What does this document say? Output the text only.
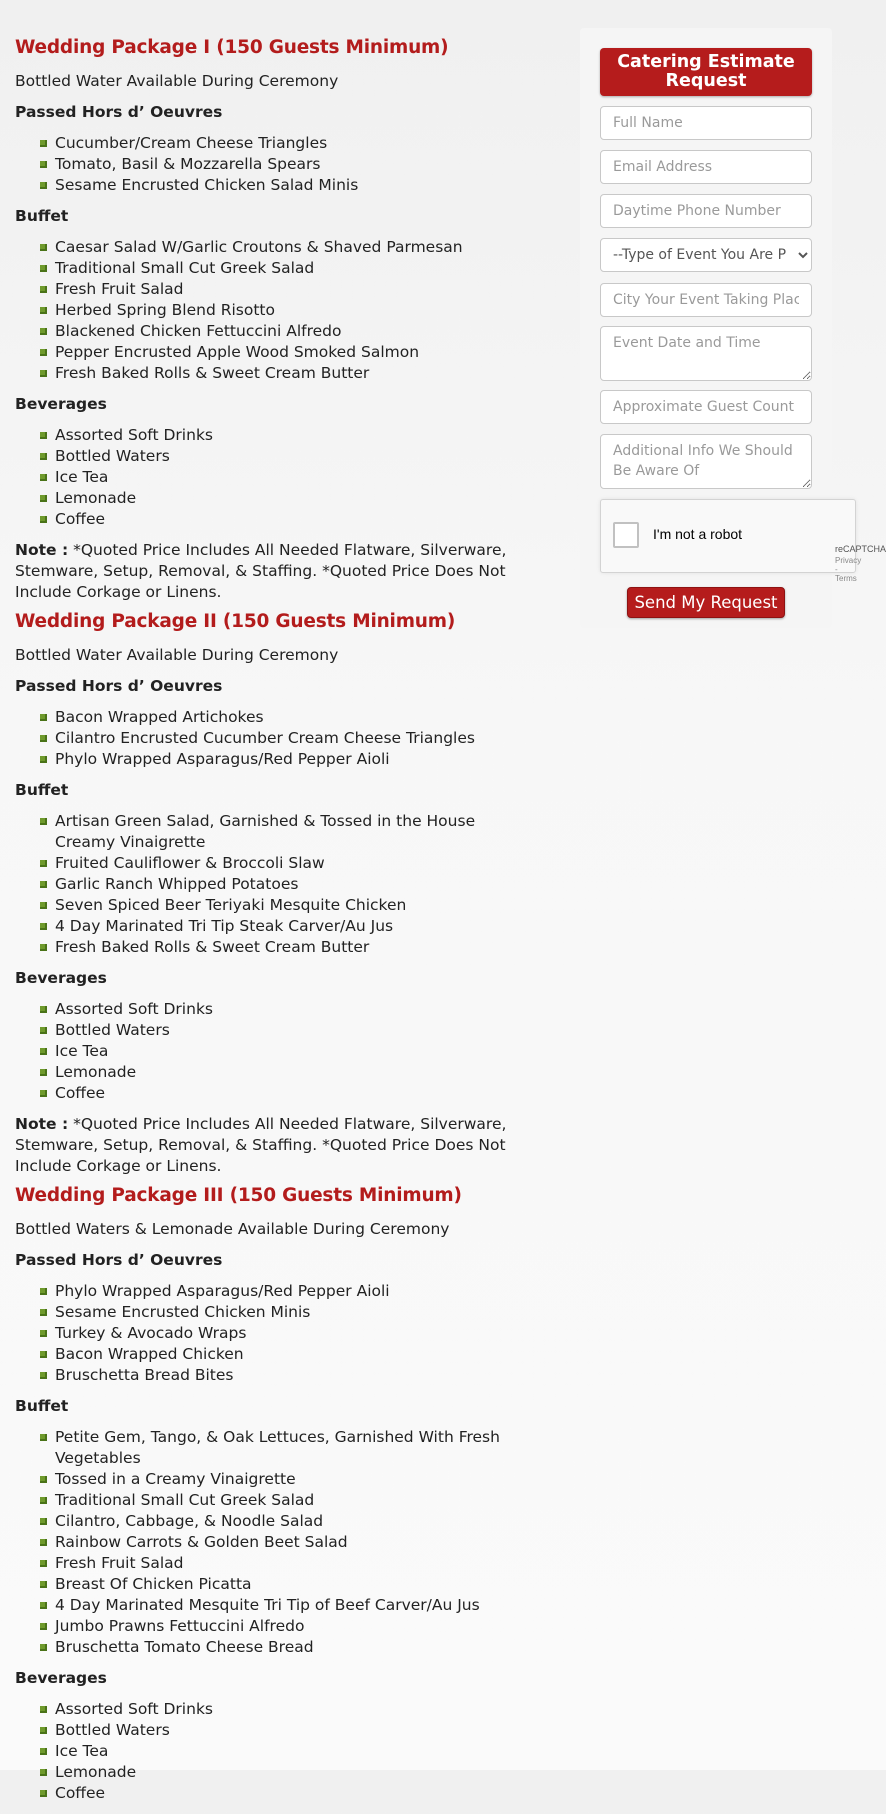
Wedding Package I (150 Guests Minimum)
Bottled Water Available During Ceremony
Passed Hors d’ Oeuvres
Cucumber/Cream Cheese Triangles
Tomato, Basil & Mozzarella Spears
Sesame Encrusted Chicken Salad Minis
Buffet
Caesar Salad W/Garlic Croutons & Shaved Parmesan
Traditional Small Cut Greek Salad
Fresh Fruit Salad
Herbed Spring Blend Risotto
Blackened Chicken Fettuccini Alfredo
Pepper Encrusted Apple Wood Smoked Salmon
Fresh Baked Rolls & Sweet Cream Butter
Beverages
Assorted Soft Drinks
Bottled Waters
Ice Tea
Lemonade
Coffee
Note : *Quoted Price Includes All Needed Flatware, Silverware, Stemware, Setup, Removal, & Staffing. *Quoted Price Does Not Include Corkage or Linens.
Wedding Package II (150 Guests Minimum)
Bottled Water Available During Ceremony
Passed Hors d’ Oeuvres
Bacon Wrapped Artichokes
Cilantro Encrusted Cucumber Cream Cheese Triangles
Phylo Wrapped Asparagus/Red Pepper Aioli
Buffet
Artisan Green Salad, Garnished & Tossed in the House Creamy Vinaigrette
Fruited Cauliflower & Broccoli Slaw
Garlic Ranch Whipped Potatoes
Seven Spiced Beer Teriyaki Mesquite Chicken
4 Day Marinated Tri Tip Steak Carver/Au Jus
Fresh Baked Rolls & Sweet Cream Butter
Beverages
Assorted Soft Drinks
Bottled Waters
Ice Tea
Lemonade
Coffee
Note : *Quoted Price Includes All Needed Flatware, Silverware, Stemware, Setup, Removal, & Staffing. *Quoted Price Does Not Include Corkage or Linens.
Wedding Package III (150 Guests Minimum)
Bottled Waters & Lemonade Available During Ceremony
Passed Hors d’ Oeuvres
Phylo Wrapped Asparagus/Red Pepper Aioli
Sesame Encrusted Chicken Minis
Turkey & Avocado Wraps
Bacon Wrapped Chicken
Bruschetta Bread Bites
Buffet
Petite Gem, Tango, & Oak Lettuces, Garnished With Fresh Vegetables
Tossed in a Creamy Vinaigrette
Traditional Small Cut Greek Salad
Cilantro, Cabbage, & Noodle Salad
Rainbow Carrots & Golden Beet Salad
Fresh Fruit Salad
Breast Of Chicken Picatta
4 Day Marinated Mesquite Tri Tip of Beef Carver/Au Jus
Jumbo Prawns Fettuccini Alfredo
Bruschetta Tomato Cheese Bread
Beverages
Assorted Soft Drinks
Bottled Waters
Ice Tea
Lemonade
Coffee
Catering Estimate Request
Full Name
Email Address
Daytime Phone Number
--Type of Event You Are Planning--
City Your Event Taking Place
Event Date and Time
Approximate Guest Count
Additional Info We Should Be Aware Of
I'm not a robot
reCAPTCHA
Privacy - Terms
Send My Request
